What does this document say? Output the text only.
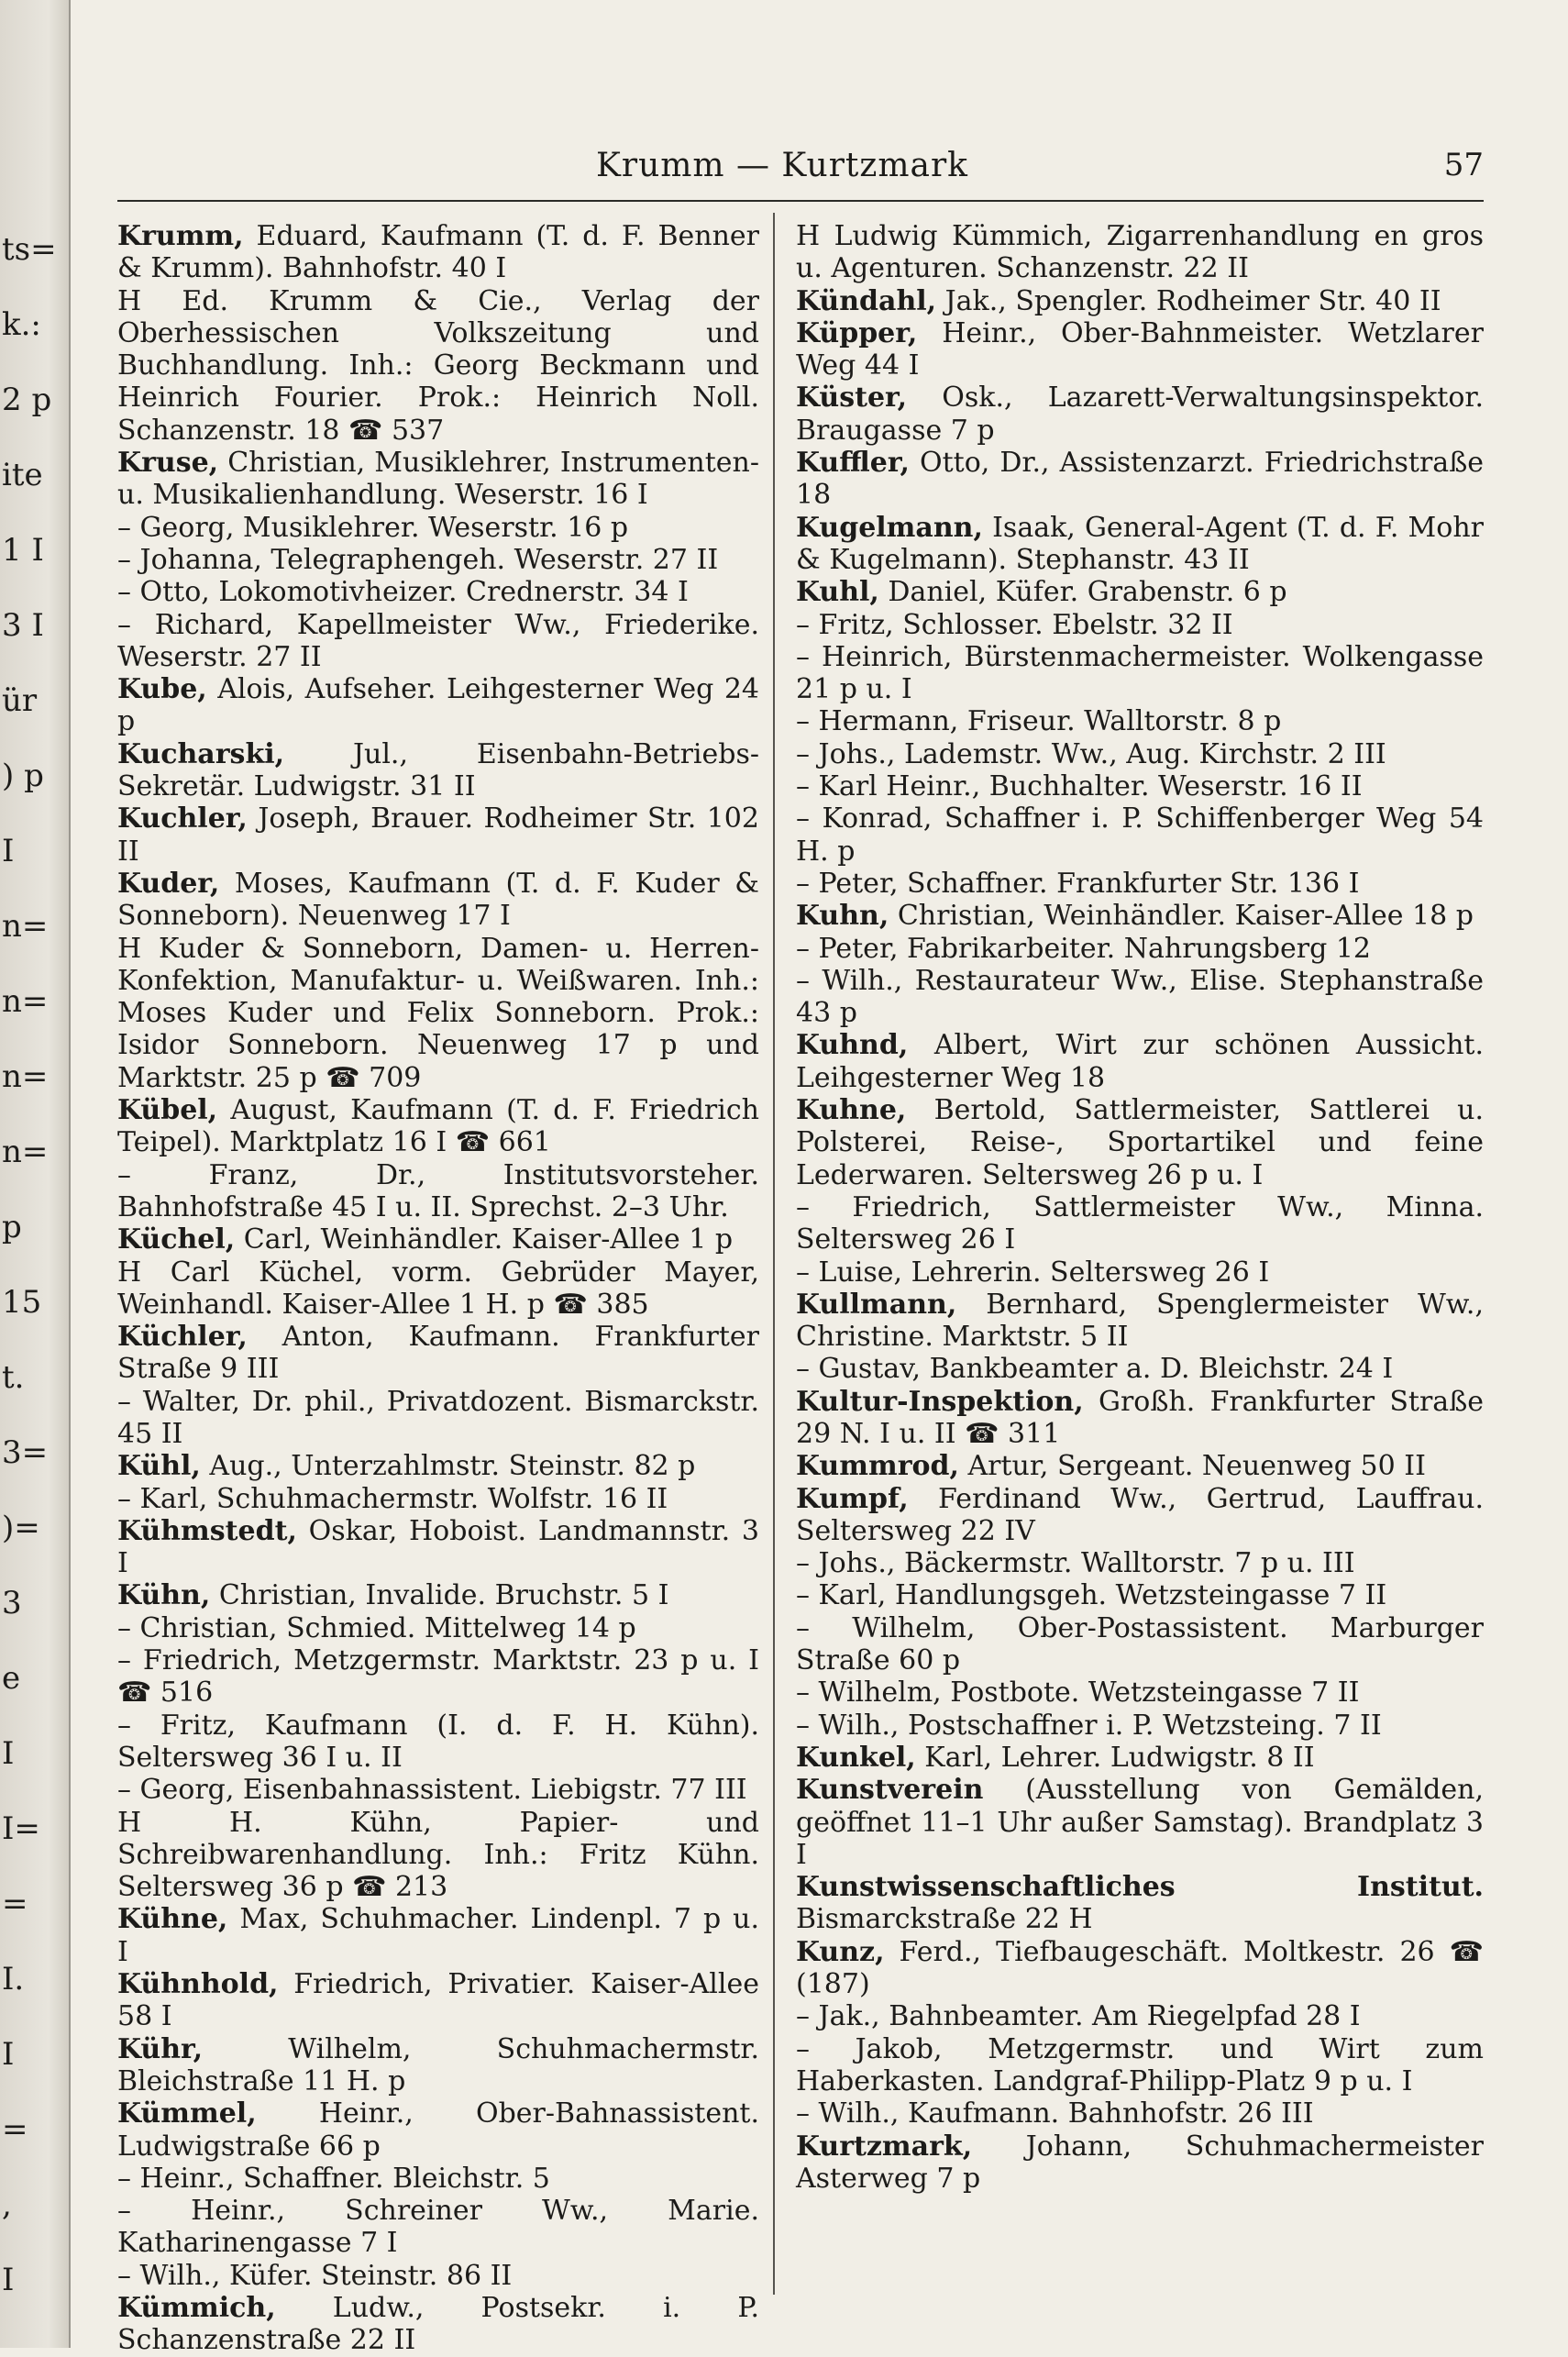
ts=
k.:
2 p
ite
1 I
3 I
ür
) p
I
n=
n=
n=
n=
p
15
t.
3=
)=
3
e
I
I=
=
I.
I
=
,
I
Krumm — Kurtzmark	57

Krumm, Eduard, Kaufmann (T. d. F. Benner & Krumm). Bahnhofstr. 40 I

H Ed. Krumm & Cie., Verlag der Oberhessischen Volkszeitung und Buchhandlung. Inh.: Georg Beckmann und Heinrich Fourier. Prok.: Heinrich Noll. Schanzenstr. 18 ☎ 537

Kruse, Christian, Musiklehrer, Instrumenten- u. Musikalienhandlung. Weserstr. 16 I

– Georg, Musiklehrer. Weserstr. 16 p

– Johanna, Telegraphengeh. Weserstr. 27 II

– Otto, Lokomotivheizer. Crednerstr. 34 I

– Richard, Kapellmeister Ww., Friederike. Weserstr. 27 II

Kube, Alois, Aufseher. Leihgesterner Weg 24 p

Kucharski, Jul., Eisenbahn-Betriebs-Sekretär. Ludwigstr. 31 II

Kuchler, Joseph, Brauer. Rodheimer Str. 102 II

Kuder, Moses, Kaufmann (T. d. F. Kuder & Sonneborn). Neuenweg 17 I

H Kuder & Sonneborn, Damen- u. Herren-Konfektion, Manufaktur- u. Weißwaren. Inh.: Moses Kuder und Felix Sonneborn. Prok.: Isidor Sonneborn. Neuenweg 17 p und Marktstr. 25 p ☎ 709

Kübel, August, Kaufmann (T. d. F. Friedrich Teipel). Marktplatz 16 I ☎ 661

– Franz, Dr., Institutsvorsteher. Bahnhofstraße 45 I u. II. Sprechst. 2–3 Uhr.

Küchel, Carl, Weinhändler. Kaiser-Allee 1 p

H Carl Küchel, vorm. Gebrüder Mayer, Weinhandl. Kaiser-Allee 1 H. p ☎ 385

Küchler, Anton, Kaufmann. Frankfurter Straße 9 III

– Walter, Dr. phil., Privatdozent. Bismarckstr. 45 II

Kühl, Aug., Unterzahlmstr. Steinstr. 82 p

– Karl, Schuhmachermstr. Wolfstr. 16 II

Kühmstedt, Oskar, Hoboist. Landmannstr. 3 I

Kühn, Christian, Invalide. Bruchstr. 5 I

– Christian, Schmied. Mittelweg 14 p

– Friedrich, Metzgermstr. Marktstr. 23 p u. I ☎ 516

– Fritz, Kaufmann (I. d. F. H. Kühn). Seltersweg 36 I u. II

– Georg, Eisenbahnassistent. Liebigstr. 77 III

H H. Kühn, Papier- und Schreibwarenhandlung. Inh.: Fritz Kühn. Seltersweg 36 p ☎ 213

Kühne, Max, Schuhmacher. Lindenpl. 7 p u. I

Kühnhold, Friedrich, Privatier. Kaiser-Allee 58 I

Kühr, Wilhelm, Schuhmachermstr. Bleichstraße 11 H. p

Kümmel, Heinr., Ober-Bahnassistent. Ludwigstraße 66 p

– Heinr., Schaffner. Bleichstr. 5

– Heinr., Schreiner Ww., Marie. Katharinengasse 7 I

– Wilh., Küfer. Steinstr. 86 II

Kümmich, Ludw., Postsekr. i. P. Schanzenstraße 22 II

H Ludwig Kümmich, Zigarrenhandlung en gros u. Agenturen. Schanzenstr. 22 II

Kündahl, Jak., Spengler. Rodheimer Str. 40 II

Küpper, Heinr., Ober-Bahnmeister. Wetzlarer Weg 44 I

Küster, Osk., Lazarett-Verwaltungsinspektor. Braugasse 7 p

Kuffler, Otto, Dr., Assistenzarzt. Friedrichstraße 18

Kugelmann, Isaak, General-Agent (T. d. F. Mohr & Kugelmann). Stephanstr. 43 II

Kuhl, Daniel, Küfer. Grabenstr. 6 p

– Fritz, Schlosser. Ebelstr. 32 II

– Heinrich, Bürstenmachermeister. Wolkengasse 21 p u. I

– Hermann, Friseur. Walltorstr. 8 p

– Johs., Lademstr. Ww., Aug. Kirchstr. 2 III

– Karl Heinr., Buchhalter. Weserstr. 16 II

– Konrad, Schaffner i. P. Schiffenberger Weg 54 H. p

– Peter, Schaffner. Frankfurter Str. 136 I

Kuhn, Christian, Weinhändler. Kaiser-Allee 18 p

– Peter, Fabrikarbeiter. Nahrungsberg 12

– Wilh., Restaurateur Ww., Elise. Stephanstraße 43 p

Kuhnd, Albert, Wirt zur schönen Aussicht. Leihgesterner Weg 18

Kuhne, Bertold, Sattlermeister, Sattlerei u. Polsterei, Reise-, Sportartikel und feine Lederwaren. Seltersweg 26 p u. I

– Friedrich, Sattlermeister Ww., Minna. Seltersweg 26 I

– Luise, Lehrerin. Seltersweg 26 I

Kullmann, Bernhard, Spenglermeister Ww., Christine. Marktstr. 5 II

– Gustav, Bankbeamter a. D. Bleichstr. 24 I

Kultur-Inspektion, Großh. Frankfurter Straße 29 N. I u. II ☎ 311

Kummrod, Artur, Sergeant. Neuenweg 50 II

Kumpf, Ferdinand Ww., Gertrud, Lauffrau. Seltersweg 22 IV

– Johs., Bäckermstr. Walltorstr. 7 p u. III

– Karl, Handlungsgeh. Wetzsteingasse 7 II

– Wilhelm, Ober-Postassistent. Marburger Straße 60 p

– Wilhelm, Postbote. Wetzsteingasse 7 II

– Wilh., Postschaffner i. P. Wetzsteing. 7 II

Kunkel, Karl, Lehrer. Ludwigstr. 8 II

Kunstverein (Ausstellung von Gemälden, geöffnet 11–1 Uhr außer Samstag). Brandplatz 3 I

Kunstwissenschaftliches Institut. Bismarckstraße 22 H

Kunz, Ferd., Tiefbaugeschäft. Moltkestr. 26 ☎ (187)

– Jak., Bahnbeamter. Am Riegelpfad 28 I

– Jakob, Metzgermstr. und Wirt zum Haberkasten. Landgraf-Philipp-Platz 9 p u. I

– Wilh., Kaufmann. Bahnhofstr. 26 III

Kurtzmark, Johann, Schuhmachermeister Asterweg 7 p
